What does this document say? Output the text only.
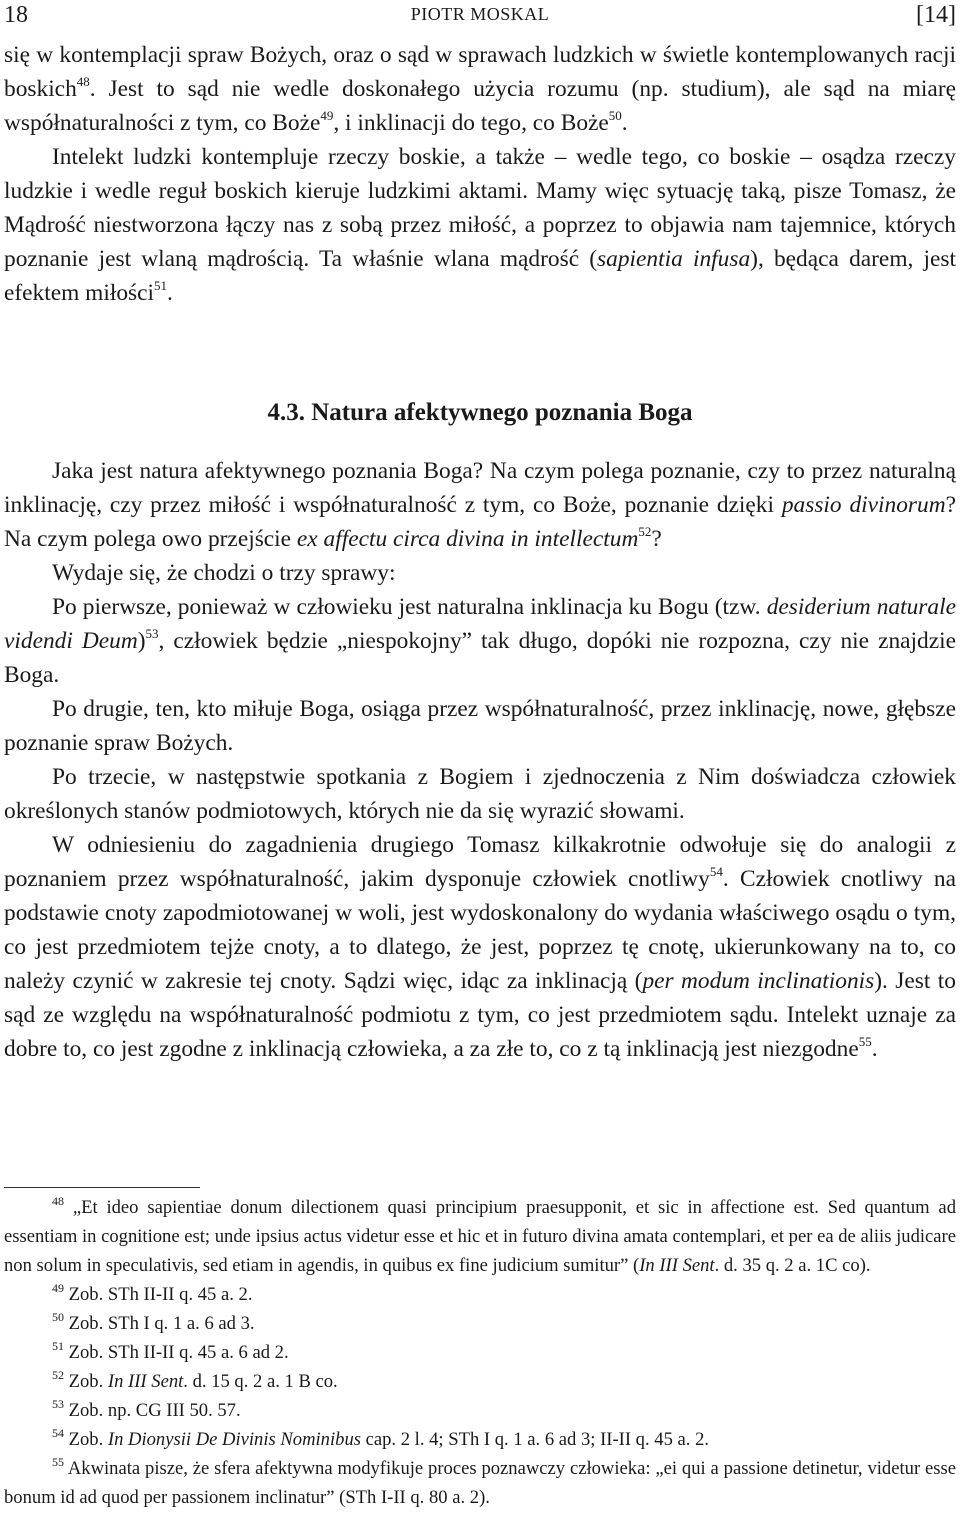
18	PIOTR MOSKAL	[14]

się w kontemplacji spraw Bożych, oraz o sąd w sprawach ludzkich w świetle kontemplowanych racji boskich$^{48}$. Jest to sąd nie wedle doskonałego użycia rozumu (np. studium), ale sąd na miarę współnaturalności z tym, co Boże$^{49}$, i inklinacji do tego, co Boże$^{50}$.

Intelekt ludzki kontempluje rzeczy boskie, a także – wedle tego, co boskie – osądza rzeczy ludzkie i wedle reguł boskich kieruje ludzkimi aktami. Mamy więc sytuację taką, pisze Tomasz, że Mądrość niestworzona łączy nas z sobą przez miłość, a poprzez to objawia nam tajemnice, których poznanie jest wlaną mądrością. Ta właśnie wlana mądrość (sapientia infusa), będąca darem, jest efektem miłości$^{51}$.

4.3. Natura afektywnego poznania Boga

Jaka jest natura afektywnego poznania Boga? Na czym polega poznanie, czy to przez naturalną inklinację, czy przez miłość i współnaturalność z tym, co Boże, poznanie dzięki passio divinorum? Na czym polega owo przejście ex affectu circa divina in intellectum$^{52}$?

Wydaje się, że chodzi o trzy sprawy:

Po pierwsze, ponieważ w człowieku jest naturalna inklinacja ku Bogu (tzw. desiderium naturale videndi Deum)$^{53}$, człowiek będzie „niespokojny” tak długo, dopóki nie rozpozna, czy nie znajdzie Boga.

Po drugie, ten, kto miłuje Boga, osiąga przez współnaturalność, przez inklinację, nowe, głębsze poznanie spraw Bożych.

Po trzecie, w następstwie spotkania z Bogiem i zjednoczenia z Nim doświadcza człowiek określonych stanów podmiotowych, których nie da się wyrazić słowami.

W odniesieniu do zagadnienia drugiego Tomasz kilkakrotnie odwołuje się do analogii z poznaniem przez współnaturalność, jakim dysponuje człowiek cnotliwy$^{54}$. Człowiek cnotliwy na podstawie cnoty zapodmiotowanej w woli, jest wydoskonalony do wydania właściwego osądu o tym, co jest przedmiotem tejże cnoty, a to dlatego, że jest, poprzez tę cnotę, ukierunkowany na to, co należy czynić w zakresie tej cnoty. Sądzi więc, idąc za inklinacją (per modum inclinationis). Jest to sąd ze względu na współnaturalność podmiotu z tym, co jest przedmiotem sądu. Intelekt uznaje za dobre to, co jest zgodne z inklinacją człowieka, a za złe to, co z tą inklinacją jest niezgodne$^{55}$.

$^{48}$ „Et ideo sapientiae donum dilectionem quasi principium praesupponit, et sic in affectione est. Sed quantum ad essentiam in cognitione est; unde ipsius actus videtur esse et hic et in futuro divina amata contemplari, et per ea de aliis judicare non solum in speculativis, sed etiam in agendis, in quibus ex fine judicium sumitur” (In III Sent. d. 35 q. 2 a. 1C co).

$^{49}$ Zob. STh II-II q. 45 a. 2.

$^{50}$ Zob. STh I q. 1 a. 6 ad 3.

$^{51}$ Zob. STh II-II q. 45 a. 6 ad 2.

$^{52}$ Zob. In III Sent. d. 15 q. 2 a. 1 B co.

$^{53}$ Zob. np. CG III 50. 57.

$^{54}$ Zob. In Dionysii De Divinis Nominibus cap. 2 l. 4; STh I q. 1 a. 6 ad 3; II-II q. 45 a. 2.

$^{55}$ Akwinata pisze, że sfera afektywna modyfikuje proces poznawczy człowieka: „ei qui a passione detinetur, videtur esse bonum id ad quod per passionem inclinatur” (STh I-II q. 80 a. 2).
